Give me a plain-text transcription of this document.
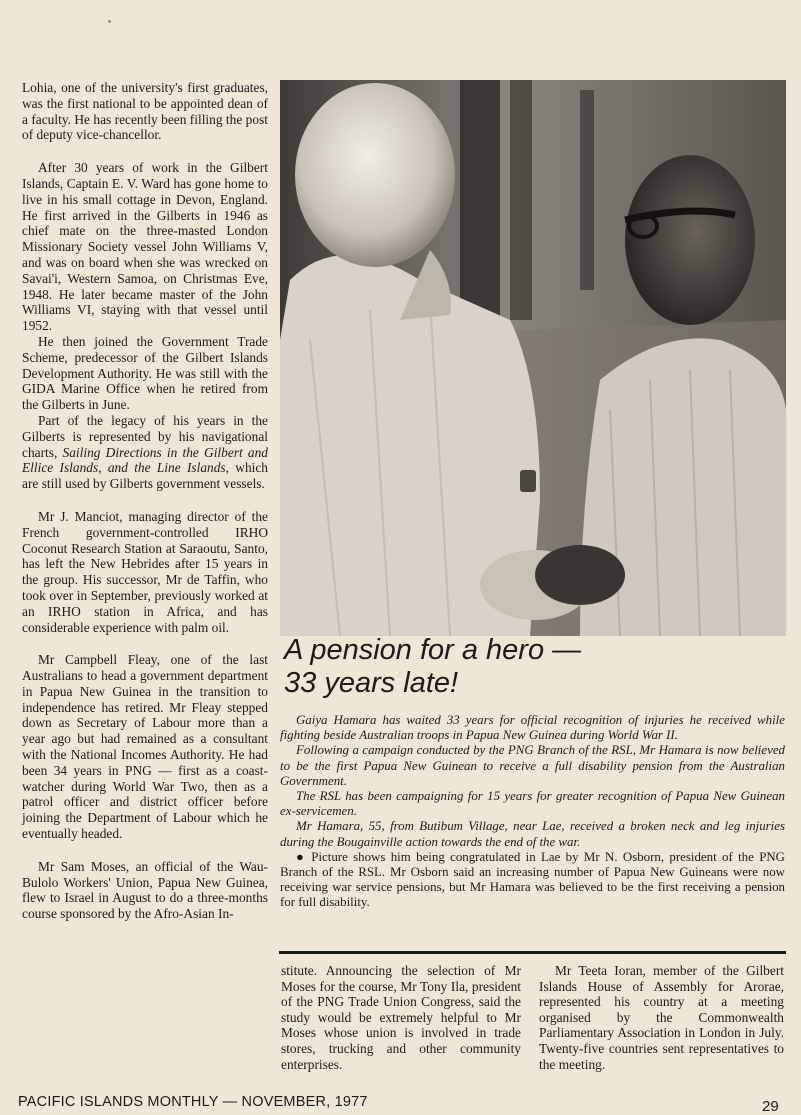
Lohia, one of the university's first graduates, was the first national to be appointed dean of a faculty. He has recently been filling the post of deputy vice-chancellor.

After 30 years of work in the Gilbert Islands, Captain E. V. Ward has gone home to live in his small cottage in Devon, England. He first arrived in the Gilberts in 1946 as chief mate on the three-masted London Missionary Society vessel John Williams V, and was on board when she was wrecked on Savai'i, Western Samoa, on Christmas Eve, 1948. He later became master of the John Williams VI, staying with that vessel until 1952.

He then joined the Government Trade Scheme, predecessor of the Gilbert Islands Development Authority. He was still with the GIDA Marine Office when he retired from the Gilberts in June.

Part of the legacy of his years in the Gilberts is represented by his navigational charts, Sailing Directions in the Gilbert and Ellice Islands, and the Line Islands, which are still used by Gilberts government vessels.

Mr J. Manciot, managing director of the French government-controlled IRHO Coconut Research Station at Saraoutu, Santo, has left the New Hebrides after 15 years in the group. His successor, Mr de Taffin, who took over in September, previously worked at an IRHO station in Africa, and has considerable experience with palm oil.

Mr Campbell Fleay, one of the last Australians to head a government department in Papua New Guinea in the transition to independence has retired. Mr Fleay stepped down as Secretary of Labour more than a year ago but had remained as a consultant with the National Incomes Authority. He had been 34 years in PNG — first as a coast-watcher during World War Two, then as a patrol officer and district officer before joining the Department of Labour which he eventually headed.

Mr Sam Moses, an official of the Wau-Bulolo Workers' Union, Papua New Guinea, flew to Israel in August to do a three-months course sponsored by the Afro-Asian In-

A pension for a hero —
33 years late!

Gaiya Hamara has waited 33 years for official recognition of injuries he received while fighting beside Australian troops in Papua New Guinea during World War II.

Following a campaign conducted by the PNG Branch of the RSL, Mr Hamara is now believed to be the first Papua New Guinean to receive a full disability pension from the Australian Government.

The RSL has been campaigning for 15 years for greater recognition of Papua New Guinean ex-servicemen.

Mr Hamara, 55, from Butibum Village, near Lae, received a broken neck and leg injuries during the Bougainville action towards the end of the war.

● Picture shows him being congratulated in Lae by Mr N. Osborn, president of the PNG Branch of the RSL. Mr Osborn said an increasing number of Papua New Guineans were now receiving war service pensions, but Mr Hamara was believed to be the first receiving a pension for full disability.

stitute. Announcing the selection of Mr Moses for the course, Mr Tony Ila, president of the PNG Trade Union Congress, said the study would be extremely helpful to Mr Moses whose union is involved in trade stores, trucking and other community enterprises.

Mr Teeta Ioran, member of the Gilbert Islands House of Assembly for Arorae, represented his country at a meeting organised by the Commonwealth Parliamentary Association in London in July. Twenty-five countries sent representatives to the meeting.

PACIFIC ISLANDS MONTHLY — NOVEMBER, 1977	29
